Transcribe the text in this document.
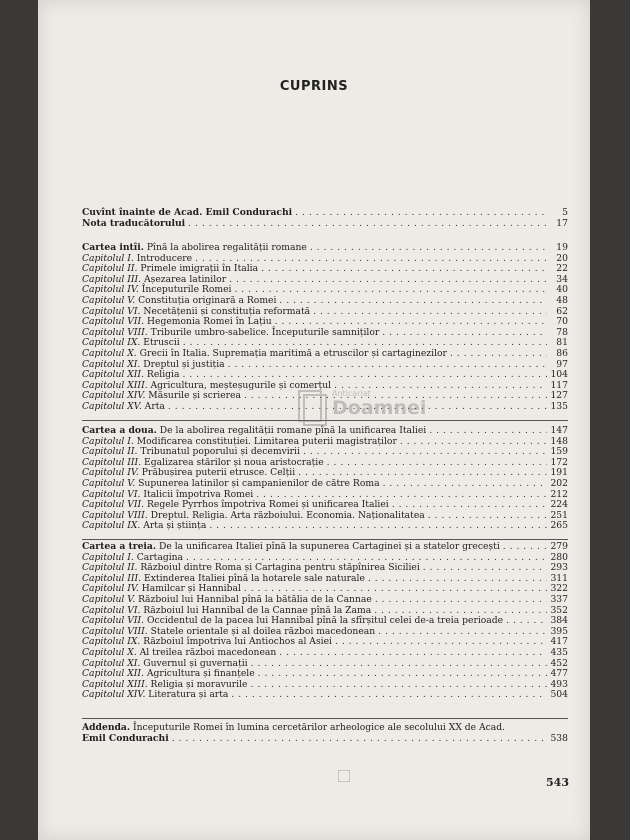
CUPRINS
Cuvînt înainte de Acad. Emil Condurachi . . .	5
Nota traducătorului . . .	17
Cartea intîi. Pînă la abolirea regalității romane . . .	19
Capitolul I. Introducere . . .	20
Capitolul II. Primele imigrații în Italia . . .	22
Capitolul III. Așezarea latinilor . . .	34
Capitolul IV. Începuturile Romei . . .	40
Capitolul V. Constituția originară a Romei . . .	48
Capitolul VI. Necetățenii și constituția reformată . . .	62
Capitolul VII. Hegemonia Romei în Lațiu . . .	70
Capitolul VIII. Triburile umbro-sabelice. Începuturile samniților . . .	78
Capitolul IX. Etruscii . . .	81
Capitolul X. Grecii în Italia. Supremația maritimă a etruscilor și cartaginezilor . . .	86
Capitolul XI. Dreptul și justiția . . .	97
Capitolul XII. Religia . . .	104
Capitolul XIII. Agricultura, meșteșugurile și comerțul . . .	117
Capitolul XIV. Măsurile și scrierea . . .	127
Capitolul XV. Arta . . .	135
Cartea a doua. De la abolirea regalității romane pînă la unificarea Italiei . . .	147
Capitolul I. Modificarea constituției. Limitarea puterii magistraților . . .	148
Capitolul II. Tribunatul poporului și decemvirii . . .	159
Capitolul III. Egalizarea stărilor și noua aristocrație . . .	172
Capitolul IV. Prăbușirea puterii etrusce. Celții . . .	191
Capitolul V. Supunerea latinilor și campanienilor de către Roma . . .	202
Capitolul VI. Italicii împotriva Romei . . .	212
Capitolul VII. Regele Pyrrhos împotriva Romei și unificarea Italiei . . .	224
Capitolul VIII. Dreptul. Religia. Arta războiului. Economia. Naționalitatea . . .	251
Capitolul IX. Arta și știința . . .	265
Cartea a treia. De la unificarea Italiei pînă la supunerea Cartaginei și a statelor grecești . . .	279
Capitolul I. Cartagina . . .	280
Capitolul II. Războiul dintre Roma și Cartagina pentru stăpînirea Siciliei . . .	293
Capitolul III. Extinderea Italiei pînă la hotarele sale naturale . . .	311
Capitolul IV. Hamilcar și Hannibal . . .	322
Capitolul V. Războiul lui Hannibal pînă la bătălia de la Cannae . . .	337
Capitolul VI. Războiul lui Hannibal de la Cannae pînă la Zama . . .	352
Capitolul VII. Occidentul de la pacea lui Hannibal pînă la sfîrșitul celei de-a treia perioade . . .	384
Capitolul VIII. Statele orientale și al doilea război macedonean . . .	395
Capitolul IX. Războiul împotriva lui Antiochos al Asiei . . .	417
Capitolul X. Al treilea război macedonean . . .	435
Capitolul XI. Guvernul și guvernații . . .	452
Capitolul XII. Agricultura și finanțele . . .	477
Capitolul XIII. Religia și moravurile . . .	493
Capitolul XIV. Literatura și arta . . .	504
Addenda. Începuturile Romei în lumina cercetărilor arheologice ale secolului XX de Acad.
Emil Condurachi . . .	538
Anticariat
Doamnei
543
